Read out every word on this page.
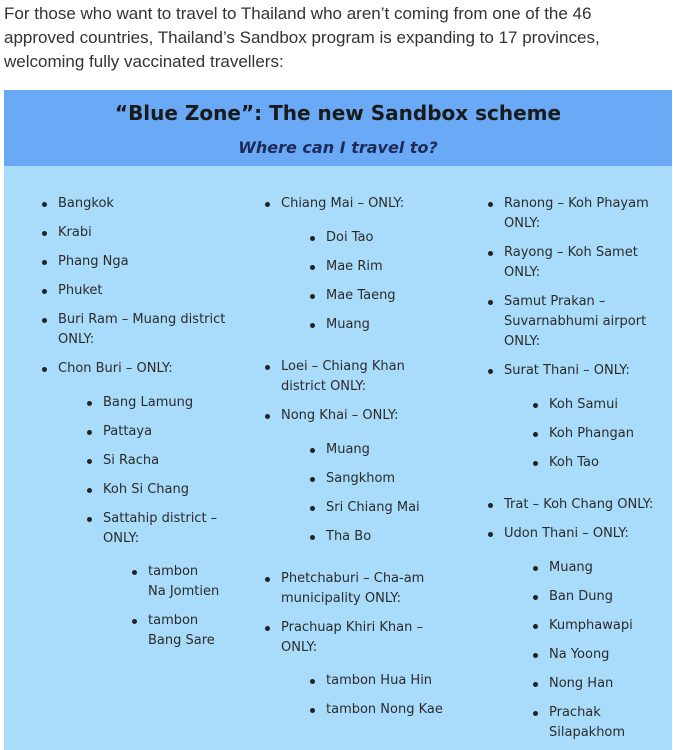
For those who want to travel to Thailand who aren’t coming from one of the 46 approved countries, Thailand’s Sandbox program is expanding to 17 provinces, welcoming fully vaccinated travellers:

“Blue Zone”: The new Sandbox scheme
Where can I travel to?
Bangkok
Krabi
Phang Nga
Phuket
Buri Ram – Muang district
ONLY:
Chon Buri – ONLY:
Bang Lamung
Pattaya
Si Racha
Koh Si Chang
Sattahip district –
ONLY:
tambon
Na Jomtien
tambon
Bang Sare
Chiang Mai – ONLY:
Doi Tao
Mae Rim
Mae Taeng
Muang
Loei – Chiang Khan
district ONLY:
Nong Khai – ONLY:
Muang
Sangkhom
Sri Chiang Mai
Tha Bo
Phetchaburi – Cha-am
municipality ONLY:
Prachuap Khiri Khan –
ONLY:
tambon Hua Hin
tambon Nong Kae
Ranong – Koh Phayam
ONLY:
Rayong – Koh Samet
ONLY:
Samut Prakan –
Suvarnabhumi airport
ONLY:
Surat Thani – ONLY:
Koh Samui
Koh Phangan
Koh Tao
Trat – Koh Chang ONLY:
Udon Thani – ONLY:
Muang
Ban Dung
Kumphawapi
Na Yoong
Nong Han
Prachak
Silapakhom
